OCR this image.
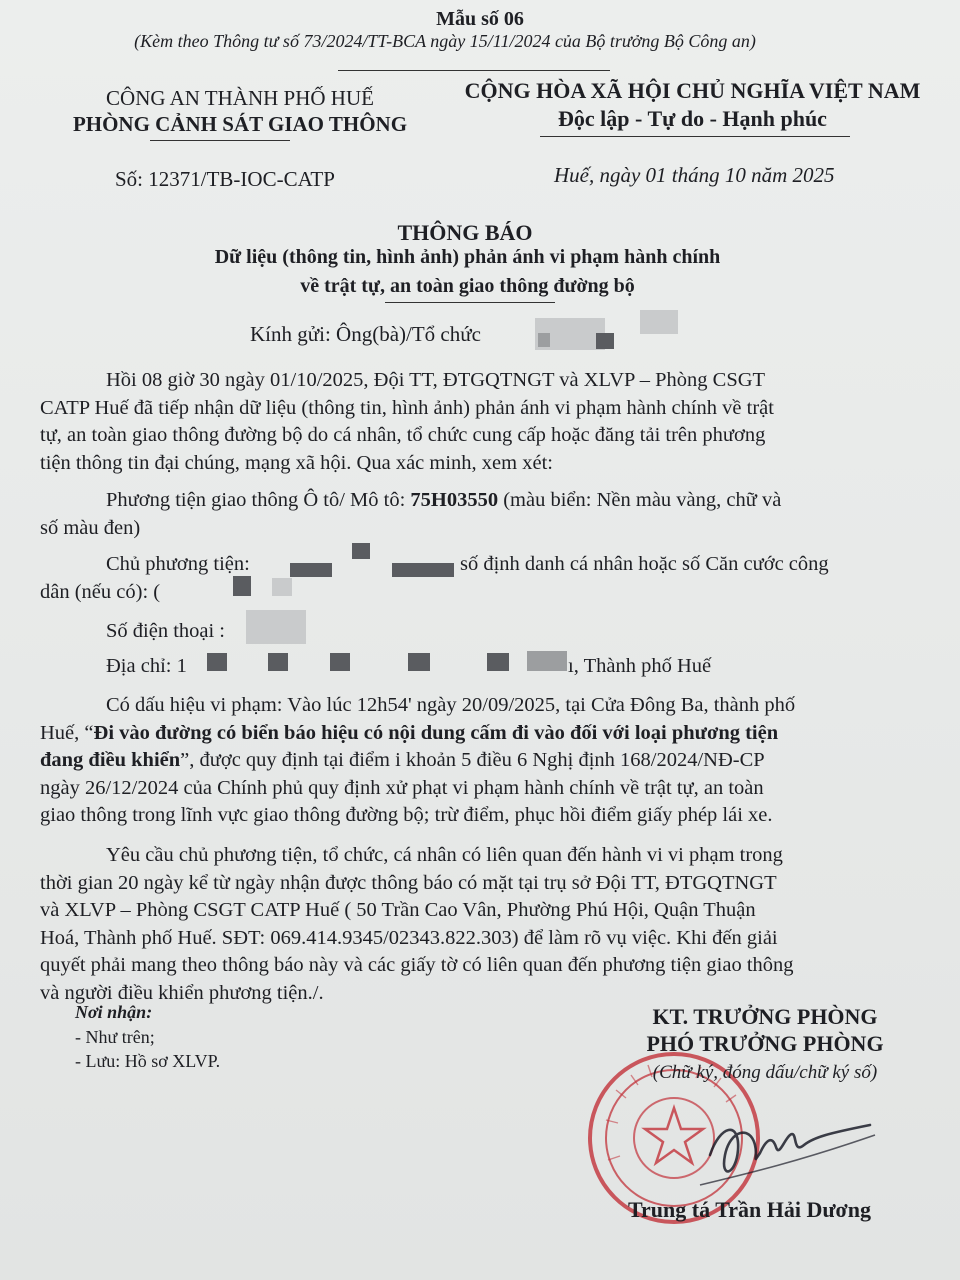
Mẫu số 06
(Kèm theo Thông tư số 73/2024/TT-BCA ngày 15/11/2024 của Bộ trưởng Bộ Công an)
CÔNG AN THÀNH PHỐ HUẾ
PHÒNG CẢNH SÁT GIAO THÔNG
CỘNG HÒA XÃ HỘI CHỦ NGHĨA VIỆT NAM
Độc lập - Tự do - Hạnh phúc
Số: 12371/TB-IOC-CATP	Huế, ngày 01 tháng 10 năm 2025
THÔNG BÁO
Dữ liệu (thông tin, hình ảnh) phản ánh vi phạm hành chính
về trật tự, an toàn giao thông đường bộ
Kính gửi: Ông(bà)/Tổ chức
Hồi 08 giờ 30 ngày 01/10/2025, Đội TT, ĐTGQTNGT và XLVP – Phòng CSGT
CATP Huế đã tiếp nhận dữ liệu (thông tin, hình ảnh) phản ánh vi phạm hành chính về trật
tự, an toàn giao thông đường bộ do cá nhân, tổ chức cung cấp hoặc đăng tải trên phương
tiện thông tin đại chúng, mạng xã hội. Qua xác minh, xem xét:
Phương tiện giao thông Ô tô/ Mô tô: 75H03550 (màu biển: Nền màu vàng, chữ và
số màu đen)
Chủ phương tiện:	số định danh cá nhân hoặc số Căn cước công
dân (nếu có): (
Số điện thoại :
Địa chỉ: 1	ı, Thành phố Huế
Có dấu hiệu vi phạm: Vào lúc 12h54' ngày 20/09/2025, tại Cửa Đông Ba, thành phố
Huế, “Đi vào đường có biển báo hiệu có nội dung cấm đi vào đối với loại phương tiện
đang điều khiển”, được quy định tại điểm i khoản 5 điều 6 Nghị định 168/2024/NĐ-CP
ngày 26/12/2024 của Chính phủ quy định xử phạt vi phạm hành chính về trật tự, an toàn
giao thông trong lĩnh vực giao thông đường bộ; trừ điểm, phục hồi điểm giấy phép lái xe.
Yêu cầu chủ phương tiện, tổ chức, cá nhân có liên quan đến hành vi vi phạm trong
thời gian 20 ngày kể từ ngày nhận được thông báo có mặt tại trụ sở Đội TT, ĐTGQTNGT
và XLVP – Phòng CSGT CATP Huế ( 50 Trần Cao Vân, Phường Phú Hội, Quận Thuận
Hoá, Thành phố Huế. SĐT: 069.414.9345/02343.822.303) để làm rõ vụ việc. Khi đến giải
quyết phải mang theo thông báo này và các giấy tờ có liên quan đến phương tiện giao thông
và người điều khiển phương tiện./.
Nơi nhận:
- Như trên;
- Lưu: Hồ sơ XLVP.
KT. TRƯỞNG PHÒNG
PHÓ TRƯỞNG PHÒNG
(Chữ ký, đóng dấu/chữ ký số)
Trung tá Trần Hải Dương
